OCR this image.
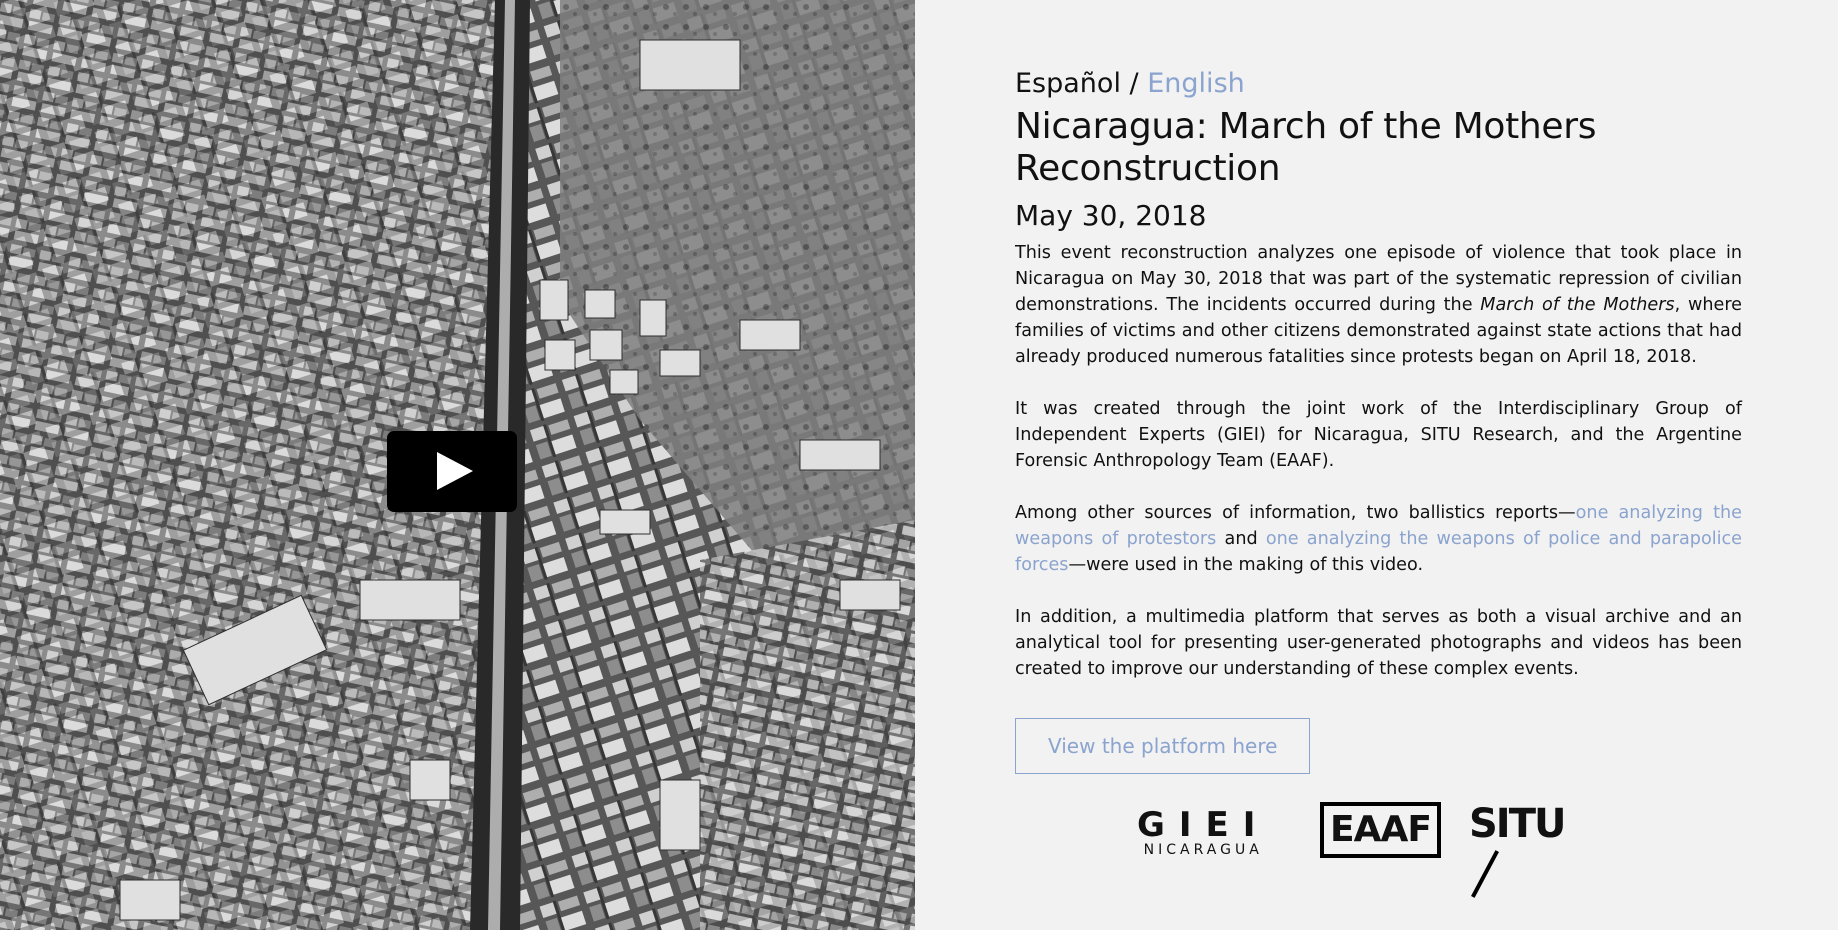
Español / English
Nicaragua: March of the Mothers Reconstruction
May 30, 2018

This event reconstruction analyzes one episode of violence that took place in Nicaragua on May 30, 2018 that was part of the systematic repression of civilian demonstrations. The incidents occurred during the March of the Mothers, where families of victims and other citizens demonstrated against state actions that had already produced numerous fatalities since protests began on April 18, 2018.

It was created through the joint work of the Interdisciplinary Group of Independent Experts (GIEI) for Nicaragua, SITU Research, and the Argentine Forensic Anthropology Team (EAAF).

Among other sources of information, two ballistics reports—one analyzing the weapons of protestors and one analyzing the weapons of police and parapolice forces—were used in the making of this video.

In addition, a multimedia platform that serves as both a visual archive and an analytical tool for presenting user-generated photographs and videos has been created to improve our understanding of these complex events.

View the platform here
GIEI
NICARAGUA EAAF SITU
